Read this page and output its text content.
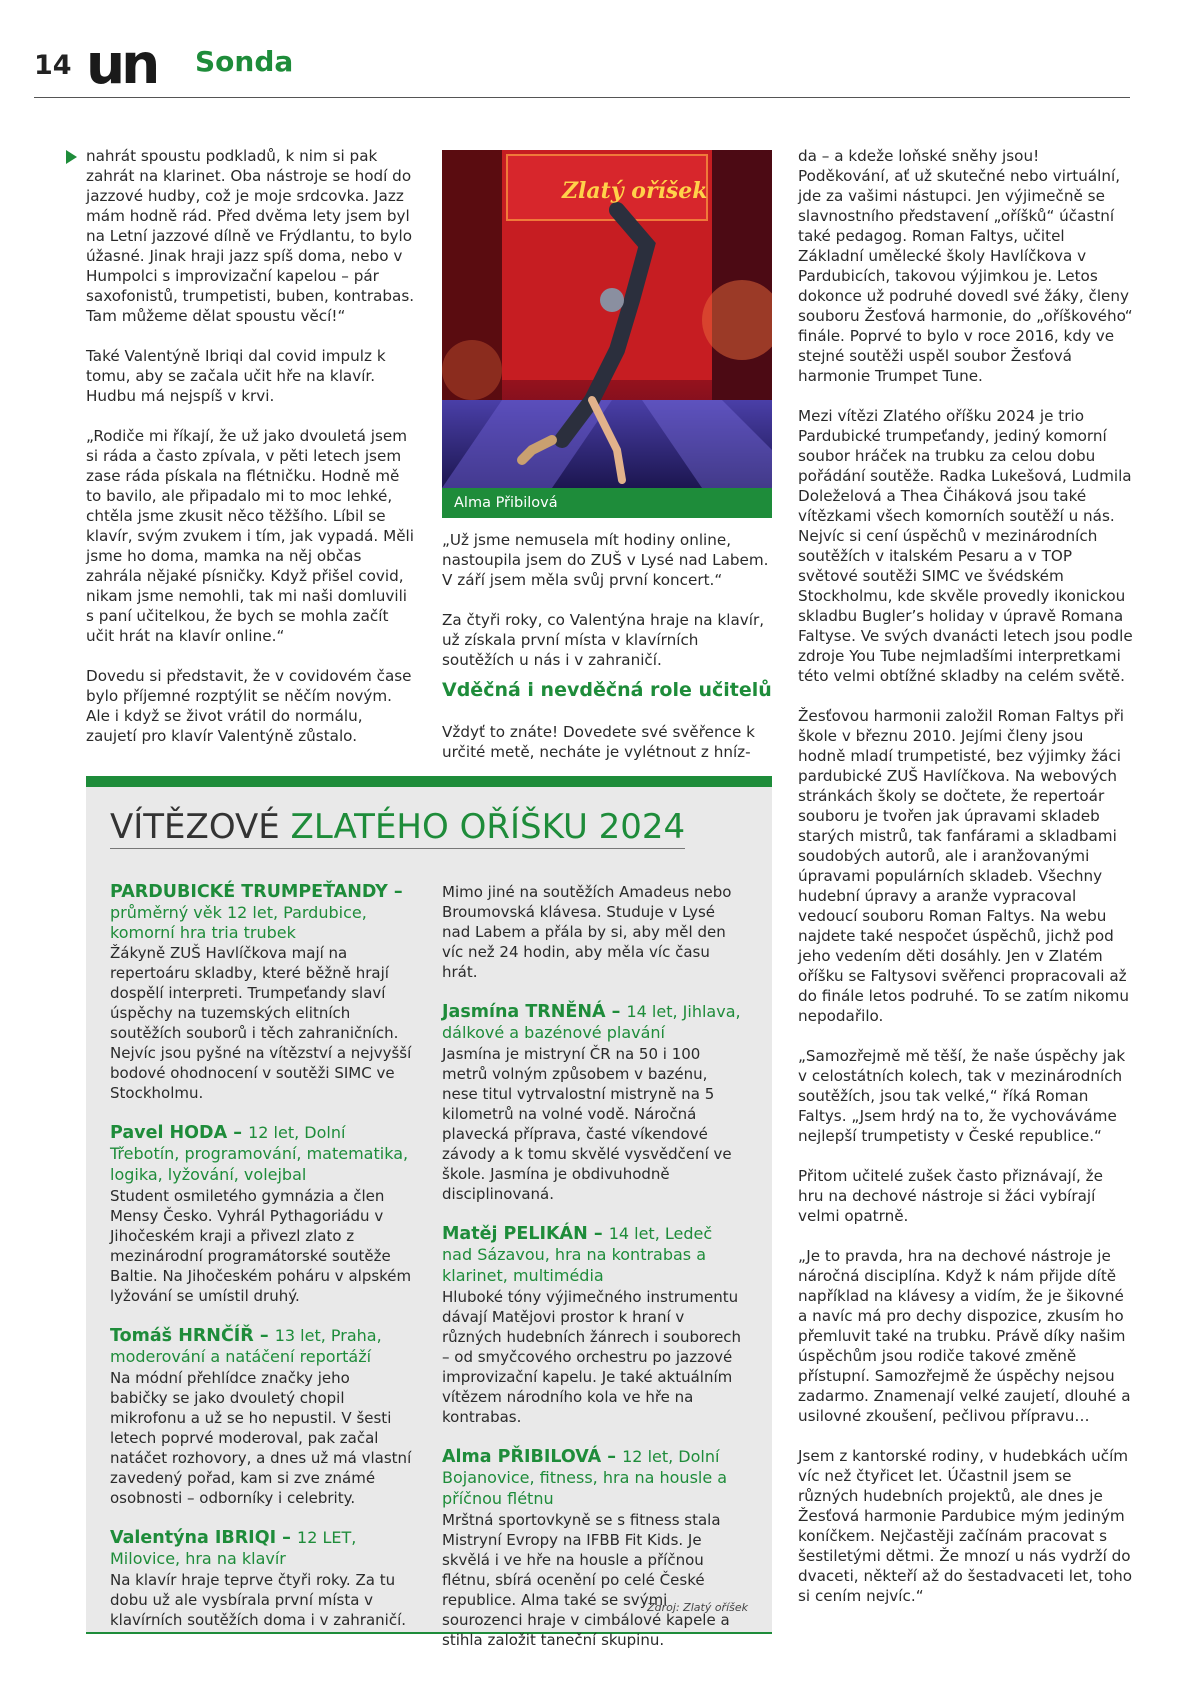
14 un Sonda

nahrát spoustu podkladů, k nim si pak zahrát na klarinet. Oba nástroje se hodí do jazzové hudby, což je moje srdcovka. Jazz mám hodně rád. Před dvěma lety jsem byl na Letní jazzové dílně ve Frýdlantu, to bylo úžasné. Jinak hraji jazz spíš doma, nebo v Humpolci s improvizační kapelou – pár saxofonistů, trumpetisti, buben, kontrabas. Tam můžeme dělat spoustu věcí!“

Také Valentýně Ibriqi dal covid impulz k tomu, aby se začala učit hře na klavír. Hudbu má nejspíš v krvi.

„Rodiče mi říkají, že už jako dvouletá jsem si ráda a často zpívala, v pěti letech jsem zase ráda pískala na flétničku. Hodně mě to bavilo, ale připadalo mi to moc lehké, chtěla jsme zkusit něco těžšího. Líbil se klavír, svým zvukem i tím, jak vypadá. Měli jsme ho doma, mamka na něj občas zahrála nějaké písničky. Když přišel covid, nikam jsme nemohli, tak mi naši domluvili s paní učitelkou, že bych se mohla začít učit hrát na klavír online.“

Dovedu si představit, že v covidovém čase bylo příjemné rozptýlit se něčím novým. Ale i když se život vrátil do normálu, zaujetí pro klavír Valentýně zůstalo.

Zlatý oříšek
Alma Přibilová

„Už jsme nemusela mít hodiny online, nastoupila jsem do ZUŠ v Lysé nad Labem. V září jsem měla svůj první koncert.“

Za čtyři roky, co Valentýna hraje na klavír, už získala první místa v klavírních soutěžích u nás i v zahraničí.

Vděčná i nevděčná role učitelů

Vždyť to znáte! Dovedete své svěřence k určité metě, necháte je vylétnout z hníz-

da – a kdeže loňské sněhy jsou! Poděkování, ať už skutečné nebo virtuální, jde za vašimi nástupci. Jen výjimečně se slavnostního představení „oříšků“ účastní také pedagog. Roman Faltys, učitel Základní umělecké školy Havlíčkova v Pardubicích, takovou výjimkou je. Letos dokonce už podruhé dovedl své žáky, členy souboru Žesťová harmonie, do „oříškového“ finále. Poprvé to bylo v roce 2016, kdy ve stejné soutěži uspěl soubor Žesťová harmonie Trumpet Tune.

Mezi vítězi Zlatého oříšku 2024 je trio Pardubické trumpeťandy, jediný komorní soubor hráček na trubku za celou dobu pořádání soutěže. Radka Lukešová, Ludmila Doleželová a Thea Čiháková jsou také vítězkami všech komorních soutěží u nás. Nejvíc si cení úspěchů v mezinárodních soutěžích v italském Pesaru a v TOP světové soutěži SIMC ve švédském Stockholmu, kde skvěle provedly ikonickou skladbu Bugler’s holiday v úpravě Romana Faltyse. Ve svých dvanácti letech jsou podle zdroje You Tube nejmladšími interpretkami této velmi obtížné skladby na celém světě.

Žesťovou harmonii založil Roman Faltys při škole v březnu 2010. Jejími členy jsou hodně mladí trumpetisté, bez výjimky žáci pardubické ZUŠ Havlíčkova. Na webových stránkách školy se dočtete, že repertoár souboru je tvořen jak úpravami skladeb starých mistrů, tak fanfárami a skladbami soudobých autorů, ale i aranžovanými úpravami populárních skladeb. Všechny hudební úpravy a aranže vypracoval vedoucí souboru Roman Faltys. Na webu najdete také nespočet úspěchů, jichž pod jeho vedením děti dosáhly. Jen v Zlatém oříšku se Faltysovi svěřenci propracovali až do finále letos podruhé. To se zatím nikomu nepodařilo.

„Samozřejmě mě těší, že naše úspěchy jak v celostátních kolech, tak v mezinárodních soutěžích, jsou tak velké,“ říká Roman Faltys. „Jsem hrdý na to, že vychováváme nejlepší trumpetisty v České republice.“

Přitom učitelé zušek často přiznávají, že hru na dechové nástroje si žáci vybírají velmi opatrně.

„Je to pravda, hra na dechové nástroje je náročná disciplína. Když k nám přijde dítě například na klávesy a vidím, že je šikovné a navíc má pro dechy dispozice, zkusím ho přemluvit také na trubku. Právě díky našim úspěchům jsou rodiče takové změně přístupní. Samozřejmě že úspěchy nejsou zadarmo. Znamenají velké zaujetí, dlouhé a usilovné zkoušení, pečlivou přípravu…

Jsem z kantorské rodiny, v hudebkách učím víc než čtyřicet let. Účastnil jsem se různých hudebních projektů, ale dnes je Žesťová harmonie Pardubice mým jediným koníčkem. Nejčastěji začínám pracovat s šestiletými dětmi. Že mnozí u nás vydrží do dvaceti, někteří až do šestadvaceti let, toho si cením nejvíc.“

VÍTĚZOVÉ ZLATÉHO OŘÍŠKU 2024
PARDUBICKÉ TRUMPEŤANDY –
průměrný věk 12 let, Pardubice, komorní hra tria trubek
Žákyně ZUŠ Havlíčkova mají na repertoáru skladby, které běžně hrají dospělí interpreti. Trumpeťandy slaví úspěchy na tuzemských elitních soutěžích souborů i těch zahraničních. Nejvíc jsou pyšné na vítězství a nejvyšší bodové ohodnocení v soutěži SIMC ve Stockholmu.
Pavel HODA – 12 let, Dolní Třebotín, programování, matematika, logika, lyžování, volejbal
Student osmiletého gymnázia a člen Mensy Česko. Vyhrál Pythagoriádu v Jihočeském kraji a přivezl zlato z mezinárodní programátorské soutěže Baltie. Na Jihočeském poháru v alpském lyžování se umístil druhý.
Tomáš HRNČÍŘ – 13 let, Praha, moderování a natáčení reportáží
Na módní přehlídce značky jeho babičky se jako dvouletý chopil mikrofonu a už se ho nepustil. V šesti letech poprvé moderoval, pak začal natáčet rozhovory, a dnes už má vlastní zavedený pořad, kam si zve známé osobnosti – odborníky i celebrity.
Valentýna IBRIQI – 12 LET, Milovice, hra na klavír
Na klavír hraje teprve čtyři roky. Za tu dobu už ale vysbírala první místa v klavírních soutěžích doma i v zahraničí.
Mimo jiné na soutěžích Amadeus nebo Broumovská klávesa. Studuje v Lysé nad Labem a přála by si, aby měl den víc než 24 hodin, aby měla víc času hrát.
Jasmína TRNĚNÁ – 14 let, Jihlava, dálkové a bazénové plavání
Jasmína je mistryní ČR na 50 i 100 metrů volným způsobem v bazénu, nese titul vytrvalostní mistryně na 5 kilometrů na volné vodě. Náročná plavecká příprava, časté víkendové závody a k tomu skvělé vysvědčení ve škole. Jasmína je obdivuhodně disciplinovaná.
Matěj PELIKÁN – 14 let, Ledeč nad Sázavou, hra na kontrabas a klarinet, multimédia
Hluboké tóny výjimečného instrumentu dávají Matějovi prostor k hraní v různých hudebních žánrech i souborech – od smyčcového orchestru po jazzové improvizační kapelu. Je také aktuálním vítězem národního kola ve hře na kontrabas.
Alma PŘIBILOVÁ – 12 let, Dolní Bojanovice, fitness, hra na housle a příčnou flétnu
Mrštná sportovkyně se s fitness stala Mistryní Evropy na IFBB Fit Kids. Je skvělá i ve hře na housle a příčnou flétnu, sbírá ocenění po celé České republice. Alma také se svými sourozenci hraje v cimbálové kapele a stihla založit taneční skupinu.
Zdroj: Zlatý oříšek
